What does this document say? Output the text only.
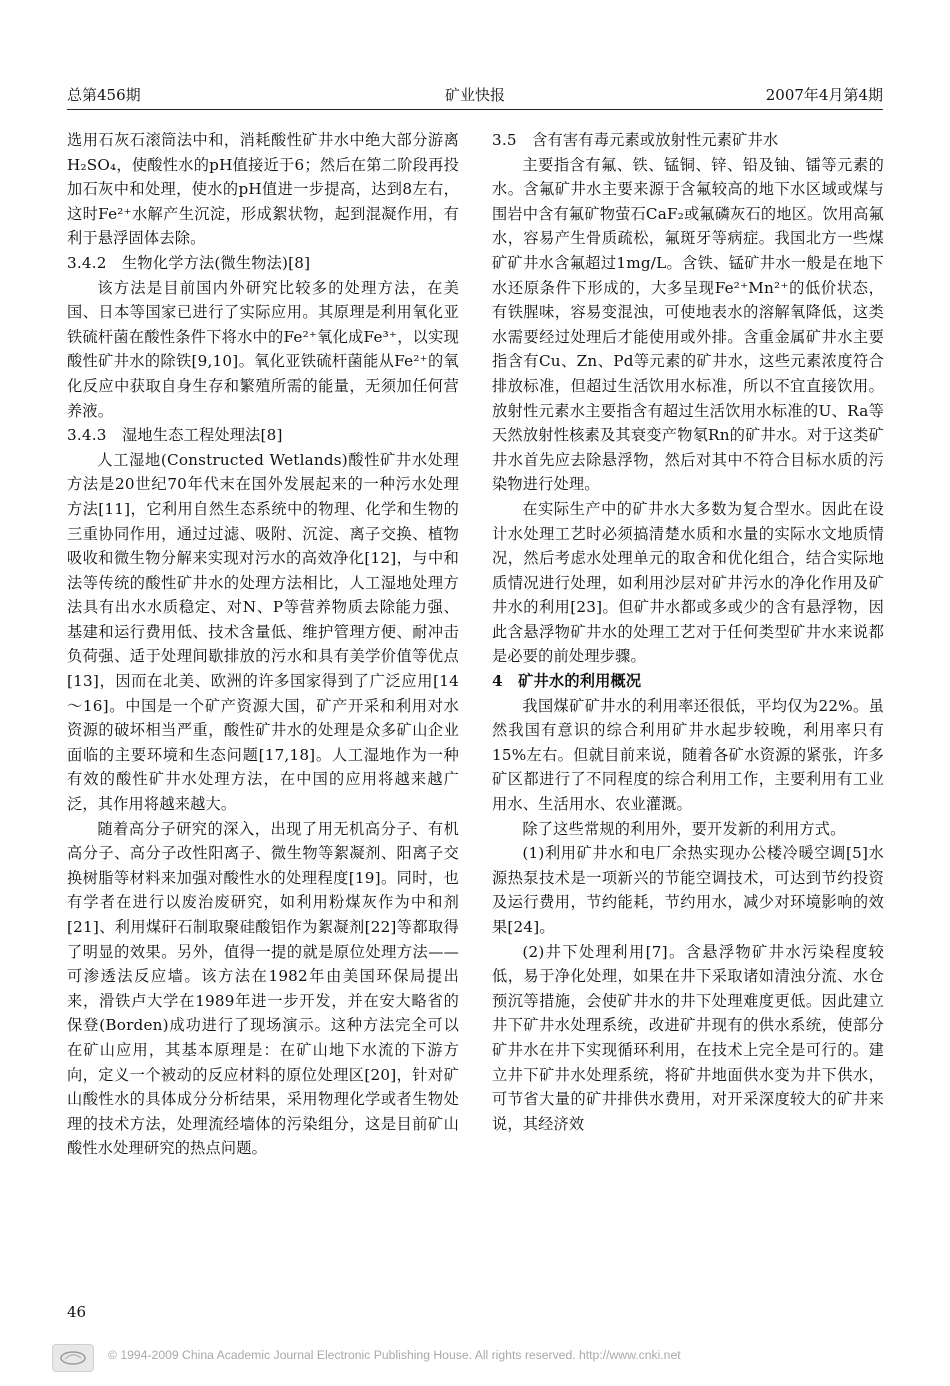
总第456期	矿业快报	2007年4月第4期

选用石灰石滚筒法中和，消耗酸性矿井水中绝大部分游离H₂SO₄，使酸性水的pH值接近于6；然后在第二阶段再投加石灰中和处理，使水的pH值进一步提高，达到8左右，这时Fe²⁺水解产生沉淀，形成絮状物，起到混凝作用，有利于悬浮固体去除。

3.4.2　生物化学方法(微生物法)[8]

该方法是目前国内外研究比较多的处理方法，在美国、日本等国家已进行了实际应用。其原理是利用氧化亚铁硫杆菌在酸性条件下将水中的Fe²⁺氧化成Fe³⁺，以实现酸性矿井水的除铁[9,10]。氧化亚铁硫杆菌能从Fe²⁺的氧化反应中获取自身生存和繁殖所需的能量，无须加任何营养液。

3.4.3　湿地生态工程处理法[8]

人工湿地(Constructed Wetlands)酸性矿井水处理方法是20世纪70年代末在国外发展起来的一种污水处理方法[11]，它利用自然生态系统中的物理、化学和生物的三重协同作用，通过过滤、吸附、沉淀、离子交换、植物吸收和微生物分解来实现对污水的高效净化[12]，与中和法等传统的酸性矿井水的处理方法相比，人工湿地处理方法具有出水水质稳定、对N、P等营养物质去除能力强、基建和运行费用低、技术含量低、维护管理方便、耐冲击负荷强、适于处理间歇排放的污水和具有美学价值等优点[13]，因而在北美、欧洲的许多国家得到了广泛应用[14～16]。中国是一个矿产资源大国，矿产开采和利用对水资源的破坏相当严重，酸性矿井水的处理是众多矿山企业面临的主要环境和生态问题[17,18]。人工湿地作为一种有效的酸性矿井水处理方法，在中国的应用将越来越广泛，其作用将越来越大。

随着高分子研究的深入，出现了用无机高分子、有机高分子、高分子改性阳离子、微生物等絮凝剂、阳离子交换树脂等材料来加强对酸性水的处理程度[19]。同时，也有学者在进行以废治废研究，如利用粉煤灰作为中和剂[21]、利用煤矸石制取聚硅酸铝作为絮凝剂[22]等都取得了明显的效果。另外，值得一提的就是原位处理方法——可渗透法反应墙。该方法在1982年由美国环保局提出来，滑铁卢大学在1989年进一步开发，并在安大略省的保登(Borden)成功进行了现场演示。这种方法完全可以在矿山应用，其基本原理是：在矿山地下水流的下游方向，定义一个被动的反应材料的原位处理区[20]，针对矿山酸性水的具体成分分析结果，采用物理化学或者生物处理的技术方法，处理流经墙体的污染组分，这是目前矿山酸性水处理研究的热点问题。

3.5　含有害有毒元素或放射性元素矿井水

主要指含有氟、铁、锰铜、锌、铅及铀、镭等元素的水。含氟矿井水主要来源于含氟较高的地下水区域或煤与围岩中含有氟矿物萤石CaF₂或氟磷灰石的地区。饮用高氟水，容易产生骨质疏松，氟斑牙等病症。我国北方一些煤矿矿井水含氟超过1mg/L。含铁、锰矿井水一般是在地下水还原条件下形成的，大多呈现Fe²⁺Mn²⁺的低价状态，有铁腥味，容易变混浊，可使地表水的溶解氧降低，这类水需要经过处理后才能使用或外排。含重金属矿井水主要指含有Cu、Zn、Pd等元素的矿井水，这些元素浓度符合排放标准，但超过生活饮用水标准，所以不宜直接饮用。放射性元素水主要指含有超过生活饮用水标准的U、Ra等天然放射性核素及其衰变产物氡Rn的矿井水。对于这类矿井水首先应去除悬浮物，然后对其中不符合目标水质的污染物进行处理。

在实际生产中的矿井水大多数为复合型水。因此在设计水处理工艺时必须搞清楚水质和水量的实际水文地质情况，然后考虑水处理单元的取舍和优化组合，结合实际地质情况进行处理，如利用沙层对矿井污水的净化作用及矿井水的利用[23]。但矿井水都或多或少的含有悬浮物，因此含悬浮物矿井水的处理工艺对于任何类型矿井水来说都是必要的前处理步骤。

4　矿井水的利用概况

我国煤矿矿井水的利用率还很低，平均仅为22%。虽然我国有意识的综合利用矿井水起步较晚，利用率只有15%左右。但就目前来说，随着各矿水资源的紧张，许多矿区都进行了不同程度的综合利用工作，主要利用有工业用水、生活用水、农业灌溉。

除了这些常规的利用外，要开发新的利用方式。

(1)利用矿井水和电厂余热实现办公楼冷暖空调[5]水源热泵技术是一项新兴的节能空调技术，可达到节约投资及运行费用，节约能耗，节约用水，减少对环境影响的效果[24]。

(2)井下处理利用[7]。含悬浮物矿井水污染程度较低，易于净化处理，如果在井下采取诸如清浊分流、水仓预沉等措施，会使矿井水的井下处理难度更低。因此建立井下矿井水处理系统，改进矿井现有的供水系统，使部分矿井水在井下实现循环利用，在技术上完全是可行的。建立井下矿井水处理系统，将矿井地面供水变为井下供水，可节省大量的矿井排供水费用，对开采深度较大的矿井来说，其经济效

46
© 1994-2009 China Academic Journal Electronic Publishing House. All rights reserved. http://www.cnki.net
